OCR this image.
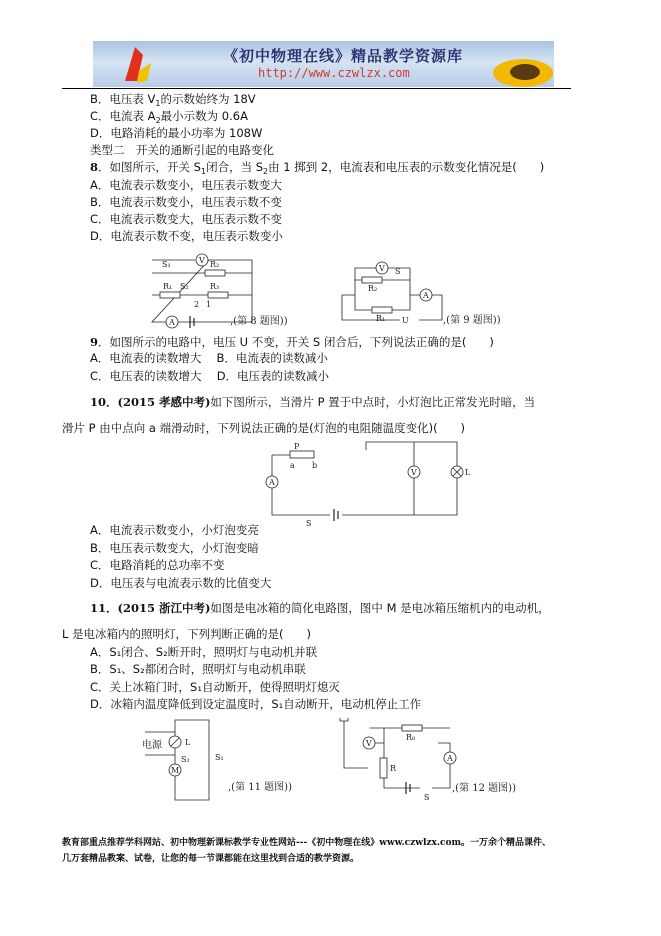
《初中物理在线》精品教学资源库
http://www.czwlzx.com
B．电压表 $V_1$的示数始终为 18V
C．电流表 $A_2$最小示数为 0.6A
D．电路消耗的最小功率为 108W
类型二　开关的通断引起的电路变化
8．如图所示，开关 $S_1$闭合，当 $S_2$由 1 掷到 2，电流表和电压表的示数变化情况是(　　)
A．电流表示数变小，电压表示数变大
B．电流表示数变小，电压表示数不变
C．电流表示数变大，电压表示数不变
D．电流表示数不变，电压表示数变小
V R₂
R₁	R₃
S₁
S₂
2 1
A	,(第 8 题图))
V
R₂
R₁
A
S
U	,(第 9 题图))
9．如图所示的电路中，电压 U 不变，开关 S 闭合后，下列说法正确的是(　　)
A．电流表的读数增大　 B．电流表的读数减小
C．电压表的读数增大　 D．电压表的读数减小
10．(2015 孝感中考)如下图所示，当滑片 P 置于中点时，小灯泡比正常发光时暗，当
滑片 P 由中点向 a 端滑动时，下列说法正确的是(灯泡的电阻随温度变化)(　　)
P
a b
A
V	L
S
A．电流表示数变小，小灯泡变亮
B．电压表示数变大，小灯泡变暗
C．电路消耗的总功率不变
D．电压表与电流表示数的比值变大
11．(2015 浙江中考)如图是电冰箱的简化电路图，图中 M 是电冰箱压缩机内的电动机，
L 是电冰箱内的照明灯，下列判断正确的是(　　)
A．S₁闭合、S₂断开时，照明灯与电动机并联
B．S₁、S₂都闭合时，照明灯与电动机串联
C．关上冰箱门时，S₁自动断开，使得照明灯熄灭
D．冰箱内温度降低到设定温度时，S₁自动断开，电动机停止工作
L
M
电源
S₂	S₁
,(第 11 题图))
R
R₀
V
A
S
,(第 12 题图))
教育部重点推荐学科网站、初中物理新课标教学专业性网站---《初中物理在线》www.czwlzx.com。一万余个精品课件、
几万套精品教案、试卷，让您的每一节课都能在这里找到合适的教学资源。
